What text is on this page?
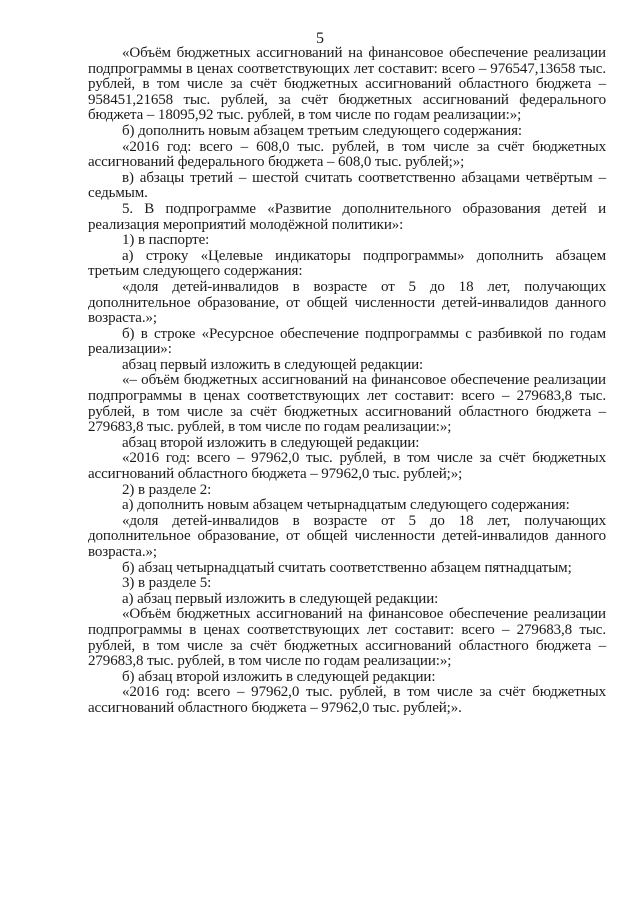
5

«Объём бюджетных ассигнований на финансовое обеспечение реализации подпрограммы в ценах соответствующих лет составит: всего – 976547,13658 тыс. рублей, в том числе за счёт бюджетных ассигнований областного бюджета – 958451,21658 тыс. рублей, за счёт бюджетных ассигнований федерального бюджета – 18095,92 тыс. рублей, в том числе по годам реализации:»;

б) дополнить новым абзацем третьим следующего содержания:

«2016 год: всего – 608,0 тыс. рублей, в том числе за счёт бюджетных ассигнований федерального бюджета – 608,0 тыс. рублей;»;

в) абзацы третий – шестой считать соответственно абзацами четвёртым – седьмым.

5. В подпрограмме «Развитие дополнительного образования детей и реализация мероприятий молодёжной политики»:

1) в паспорте:

а) строку «Целевые индикаторы подпрограммы» дополнить абзацем третьим следующего содержания:

«доля детей-инвалидов в возрасте от 5 до 18 лет, получающих дополнительное образование, от общей численности детей-инвалидов данного возраста.»;

б) в строке «Ресурсное обеспечение подпрограммы с разбивкой по годам реализации»:

абзац первый изложить в следующей редакции:

«– объём бюджетных ассигнований на финансовое обеспечение реализации подпрограммы в ценах соответствующих лет составит: всего – 279683,8 тыс. рублей, в том числе за счёт бюджетных ассигнований областного бюджета – 279683,8 тыс. рублей, в том числе по годам реализации:»;

абзац второй изложить в следующей редакции:

«2016 год: всего – 97962,0 тыс. рублей, в том числе за счёт бюджетных ассигнований областного бюджета – 97962,0 тыс. рублей;»;

2) в разделе 2:

а) дополнить новым абзацем четырнадцатым следующего содержания:

«доля детей-инвалидов в возрасте от 5 до 18 лет, получающих дополнительное образование, от общей численности детей-инвалидов данного возраста.»;

б) абзац четырнадцатый считать соответственно абзацем пятнадцатым;

3) в разделе 5:

а) абзац первый изложить в следующей редакции:

«Объём бюджетных ассигнований на финансовое обеспечение реализации подпрограммы в ценах соответствующих лет составит: всего – 279683,8 тыс. рублей, в том числе за счёт бюджетных ассигнований областного бюджета – 279683,8 тыс. рублей, в том числе по годам реализации:»;

б) абзац второй изложить в следующей редакции:

«2016 год: всего – 97962,0 тыс. рублей, в том числе за счёт бюджетных ассигнований областного бюджета – 97962,0 тыс. рублей;».
